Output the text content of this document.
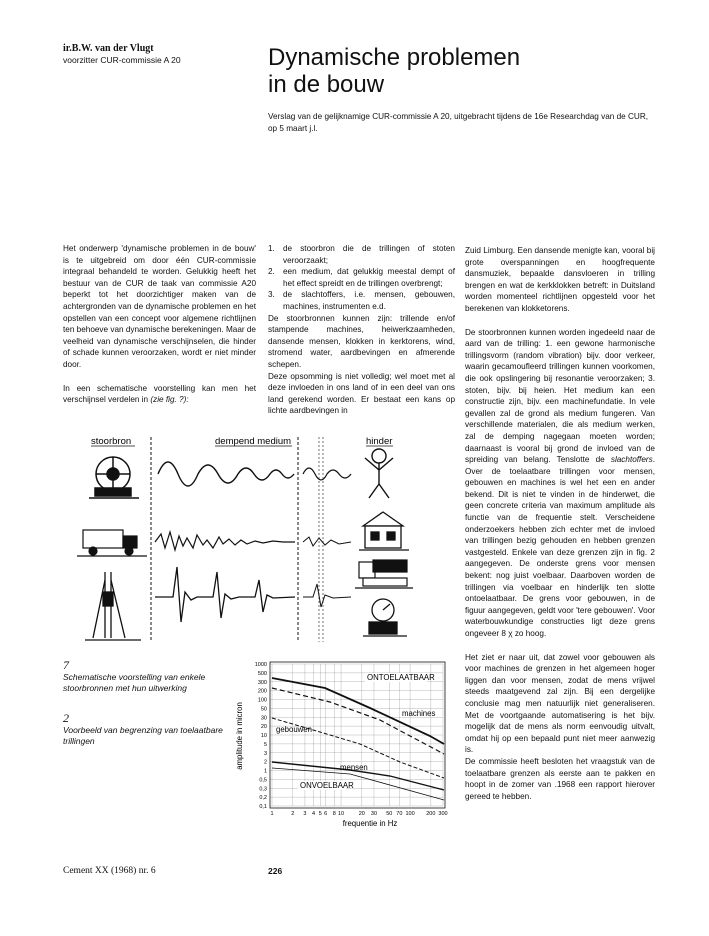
ir.B.W. van der Vlugt
voorzitter CUR-commissie A 20	Dynamische problemen
in de bouw
Verslag van de gelijknamige CUR-commissie A 20, uitgebracht tijdens de 16e Researchdag van de CUR, op 5 maart j.l.

Het onderwerp 'dynamische problemen in de bouw' is te uitgebreid om door één CUR-commissie integraal behandeld te worden. Gelukkig heeft het bestuur van de CUR de taak van commissie A20 beperkt tot het doorzichtiger maken van de achtergronden van de dynamische problemen en het opstellen van een concept voor algemene richtlijnen ten behoeve van dynamische berekeningen. Maar de veelheid van dynamische verschijnselen, die hinder of schade kunnen veroorzaken, wordt er niet minder door.

In een schematische voorstelling kan men het verschijnsel verdelen in (zie fig. ?):

1. de stoorbron die de trillingen of stoten veroorzaakt;
2. een medium, dat gelukkig meestal dempt of het effect spreidt en de trillingen overbrengt;
3. de slachtoffers, i.e. mensen, gebouwen, machines, instrumenten e.d.
De stoorbronnen kunnen zijn: trillende en/of stampende machines, heiwerkzaamheden, dansende mensen, klokken in kerktorens, wind, stromend water, aardbevingen en afmerende schepen.
Deze opsomming is niet volledig; wel moet met al deze invloeden in ons land of in een deel van ons land gerekend worden. Er bestaat een kans op lichte aardbevingen in

Zuid Limburg. Een dansende menigte kan, vooral bij grote overspanningen en hoogfrequente dansmuziek, bepaalde dansvloeren in trilling brengen en wat de kerkklokken betreft: in Duitsland worden momenteel richtlijnen opgesteld voor het berekenen van klokketorens.

De stoorbronnen kunnen worden ingedeeld naar de aard van de trilling: 1. een gewone harmonische trillingsvorm (random vibration) bijv. door verkeer, waarin gecamoufleerd trillingen kunnen voorkomen, die ook opslingering bij resonantie veroorzaken; 3. stoten, bijv. bij heien. Het medium kan een constructie zijn, bijv. een machinefundatie. In vele gevallen zal de grond als medium fungeren. Van verschillende materialen, die als medium werken, zal de demping nagegaan moeten worden; daarnaast is vooral bij grond de invloed van de spreiding van belang. Tenslotte de slachtoffers. Over de toelaatbare trillingen voor mensen, gebouwen en machines is wel het een en ander bekend. Dit is niet te vinden in de hinderwet, die geen concrete criteria van maximum amplitude als functie van de frequentie stelt. Verscheidene onderzoekers hebben zich echter met de invloed van trillingen bezig gehouden en hebben grenzen vastgesteld. Enkele van deze grenzen zijn in fig. 2 aangegeven. De onderste grens voor mensen bekent: nog juist voelbaar. Daarboven worden de trillingen via voelbaar en hinderlijk ten slotte ontoelaatbaar. De grens voor gebouwen, in de figuur aangegeven, geldt voor 'tere gebouwen'. Voor waterbouwkundige constructies ligt deze grens ongeveer 8 χ zo hoog.

Het ziet er naar uit, dat zowel voor gebouwen als voor machines de grenzen in het algemeen hoger liggen dan voor mensen, zodat de mens vrijwel steeds maatgevend zal zijn. Bij een dergelijke conclusie mag men natuurlijk niet generaliseren. Met de voortgaande automatisering is het bijv. mogelijk dat de mens als norm eenvoudig uitvalt, omdat hij op een bepaald punt niet meer aanwezig is.

De commissie heeft besloten het vraagstuk van de toelaatbare grenzen als eerste aan te pakken en hoopt in de zomer van .1968 een rapport hierover gereed te hebben.

stoorbron	dempend medium	hinder
7
Schematische voorstelling van enkele stoorbronnen met hun uitwerking
2
Voorbeeld van begrenzing van toelaatbare trillingen
1000
500
300
200
100
50
30
20
10
5
3
2
1
0,5
0,3
0,2
0,1
1	2 3 4 5 6 8 10	20 30 50 70 100 200 300
amplitude in micron
frequentie in Hz
ONTOELAATBAAR
machines
gebouwen
mensen
ONVOELBAAR
Cement XX (1968) nr. 6	226
